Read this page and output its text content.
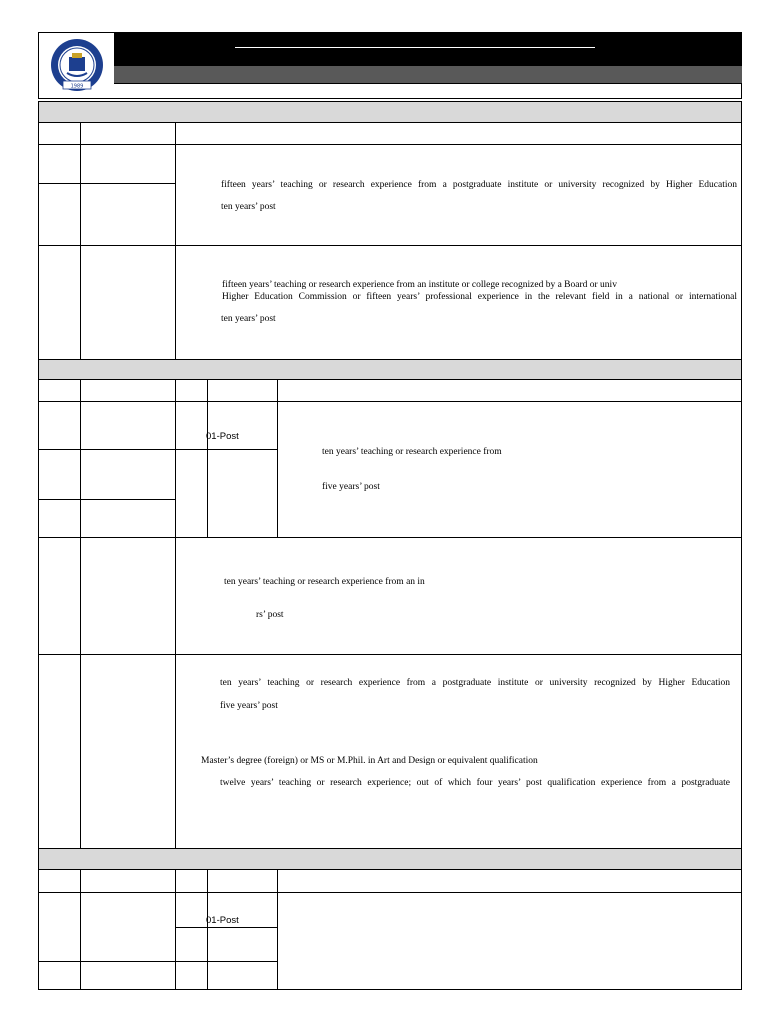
1989
fifteen years’ teaching or research experience from a postgraduate institute or university recognized by Higher Education
ten years’ post
fifteen years’ teaching or research experience from an institute or college recognized by a Board or univ
Higher Education Commission or fifteen years’ professional experience in the relevant field in a national or international
ten years’ post
01-Post
ten years’ teaching or research experience from
five years’ post
ten years’ teaching or research experience from an in
rs’ post
ten years’ teaching or research experience from a postgraduate institute or university recognized by Higher Education
five years’ post
Master’s degree (foreign) or MS or M.Phil. in Art and Design or equivalent qualification
twelve years’ teaching or research experience; out of which four years’ post qualification experience from a postgraduate
01-Post
